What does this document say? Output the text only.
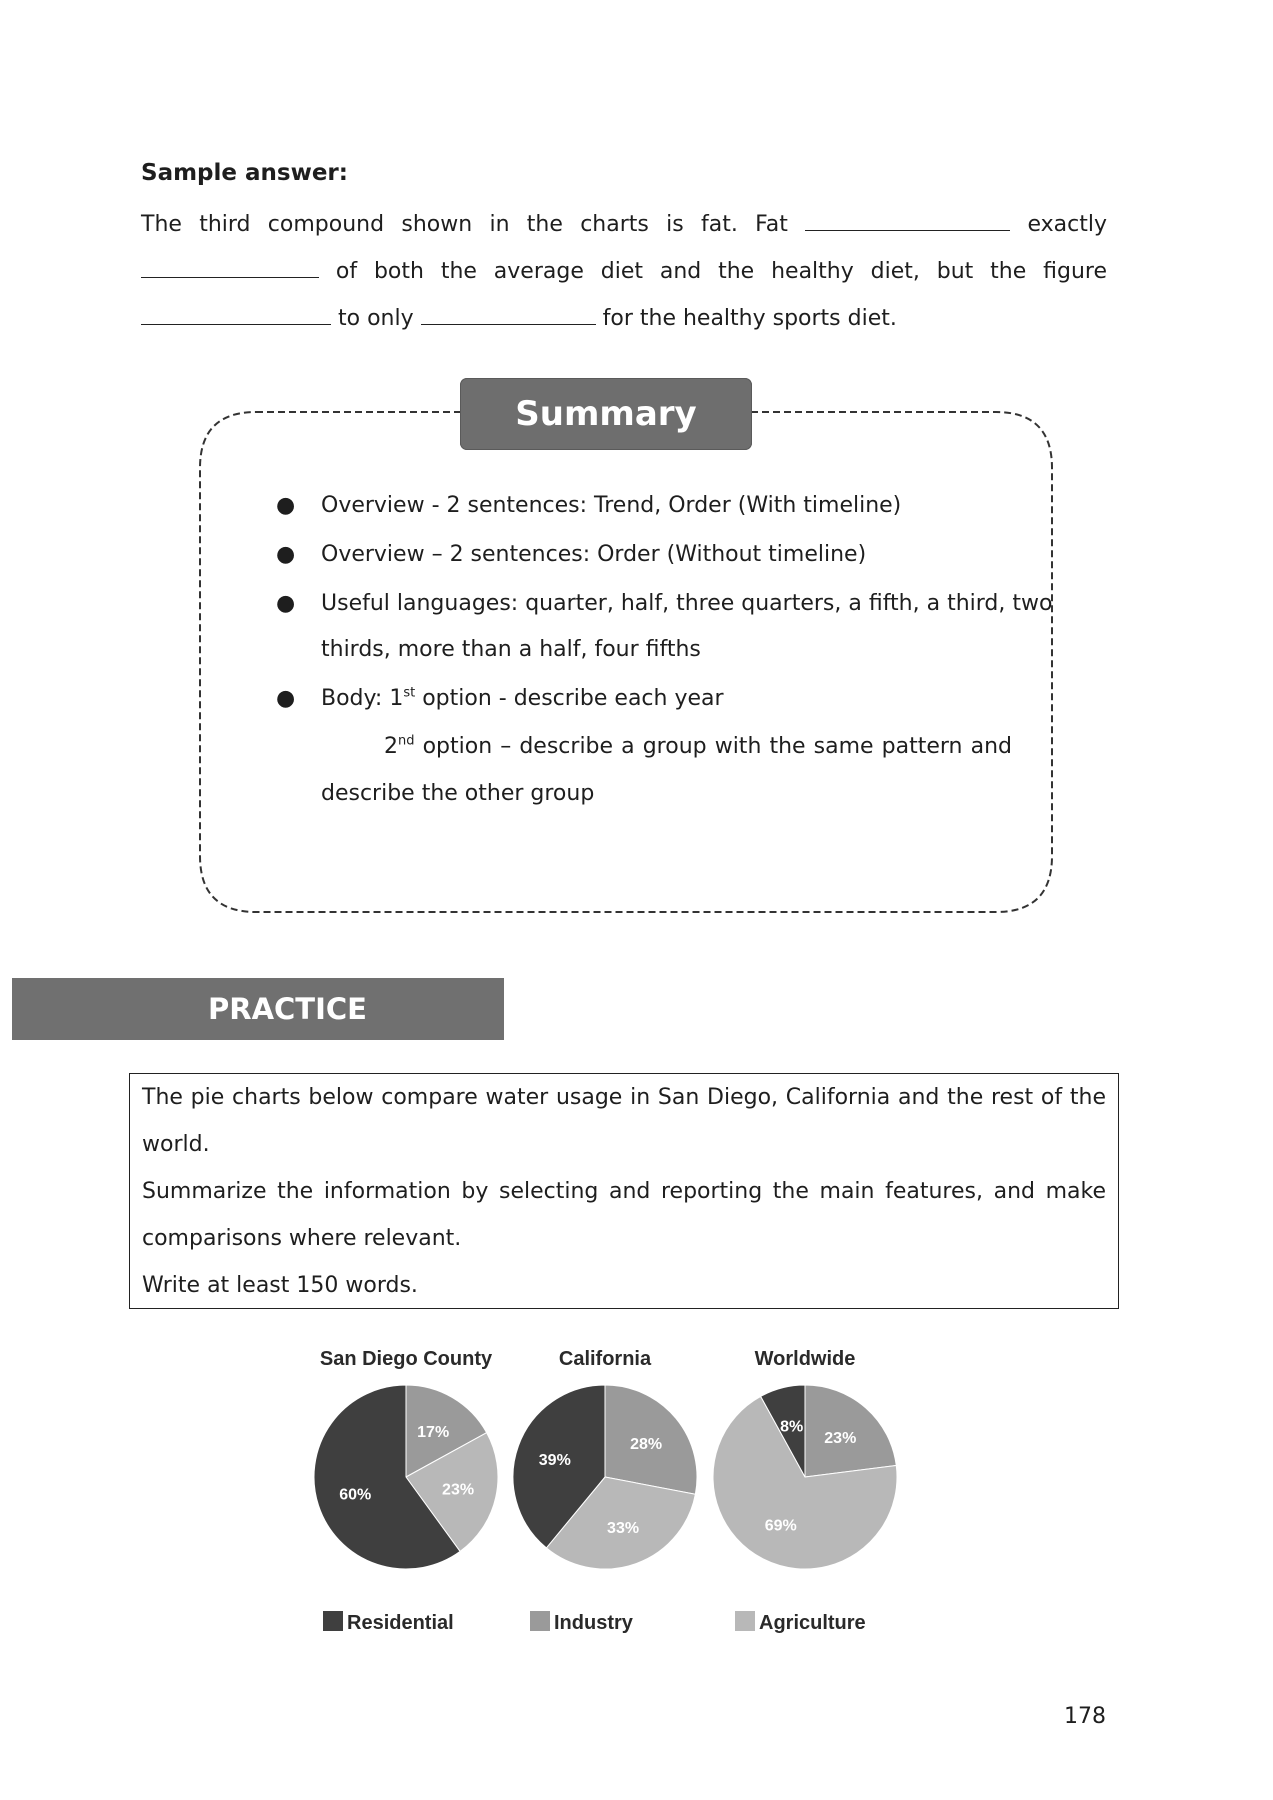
Sample answer:
The third compound shown in the charts is fat. Fat	exactly
of both the average diet and the healthy diet, but the figure
to only	for the healthy sports diet.
Summary
● Overview - 2 sentences: Trend, Order (With timeline)
● Overview – 2 sentences: Order (Without timeline)
● Useful languages: quarter, half, three quarters, a fifth, a third, two
thirds, more than a half, four fifths
● Body: 1st option - describe each year
2nd option – describe a group with the same pattern and
describe the other group
PRACTICE
The pie charts below compare water usage in San Diego, California and the rest of the
world.
Summarize the information by selecting and reporting the main features, and make
comparisons where relevant.
Write at least 150 words.
San Diego County
17%
23%
60%
California
28%
33%
39%
Worldwide
23%
69%
8%
Residential	Industry	Agriculture
178
